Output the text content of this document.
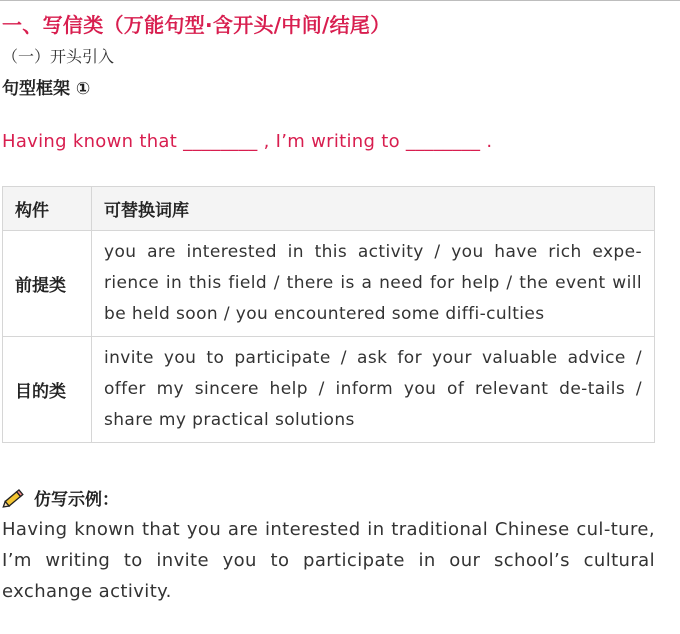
一、写信类（万能句型·含开头/中间/结尾）
（一）开头引入
句型框架 ①
Having known that ________ , I’m writing to ________ .
构件	可替换词库
前提类	you are interested in this activity / you have rich expe-rience in this field / there is a need for help / the event will be held soon / you encountered some diffi-culties
目的类	invite you to participate / ask for your valuable advice / offer my sincere help / inform you of relevant de-tails / share my practical solutions
仿写示例：
Having known that you are interested in traditional Chinese cul-ture, I’m writing to invite you to participate in our school’s cultural exchange activity.
